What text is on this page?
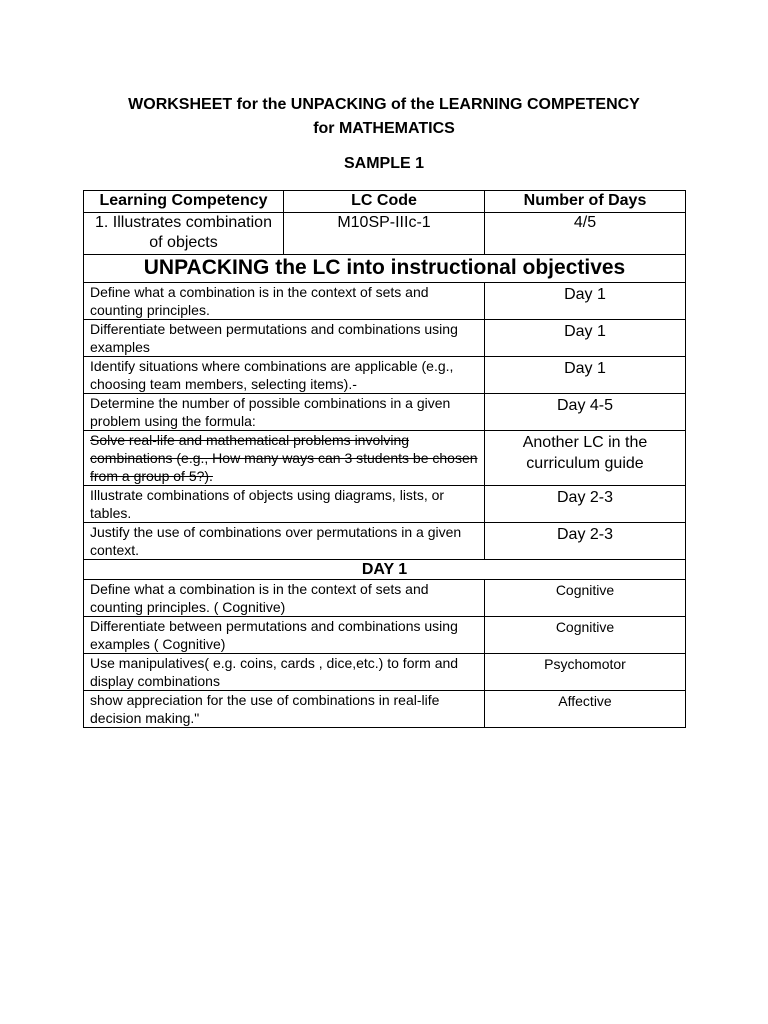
WORKSHEET for the UNPACKING of the LEARNING COMPETENCY
for MATHEMATICS
SAMPLE 1
Learning Competency	LC Code	Number of Days
1. Illustrates combination of objects	M10SP-IIIc-1	4/5
UNPACKING the LC into instructional objectives		
Define what a combination is in the context of sets and counting principles.		Day 1
Differentiate between permutations and combinations using examples		Day 1
Identify situations where combinations are applicable (e.g., choosing team members, selecting items).-		Day 1
Determine the number of possible combinations in a given problem using the formula:		Day 4-5
Solve real-life and mathematical problems involving combinations (e.g., How many ways can 3 students be chosen from a group of 5?).		Another LC in the curriculum guide
Illustrate combinations of objects using diagrams, lists, or tables.		Day 2-3
Justify the use of combinations over permutations in a given context.		Day 2-3
DAY 1		
Define what a combination is in the context of sets and counting principles. ( Cognitive)		Cognitive
Differentiate between permutations and combinations using examples ( Cognitive)		Cognitive
Use manipulatives( e.g. coins, cards , dice,etc.) to form and display combinations		Psychomotor
show appreciation for the use of combinations in real-life decision making."		Affective
